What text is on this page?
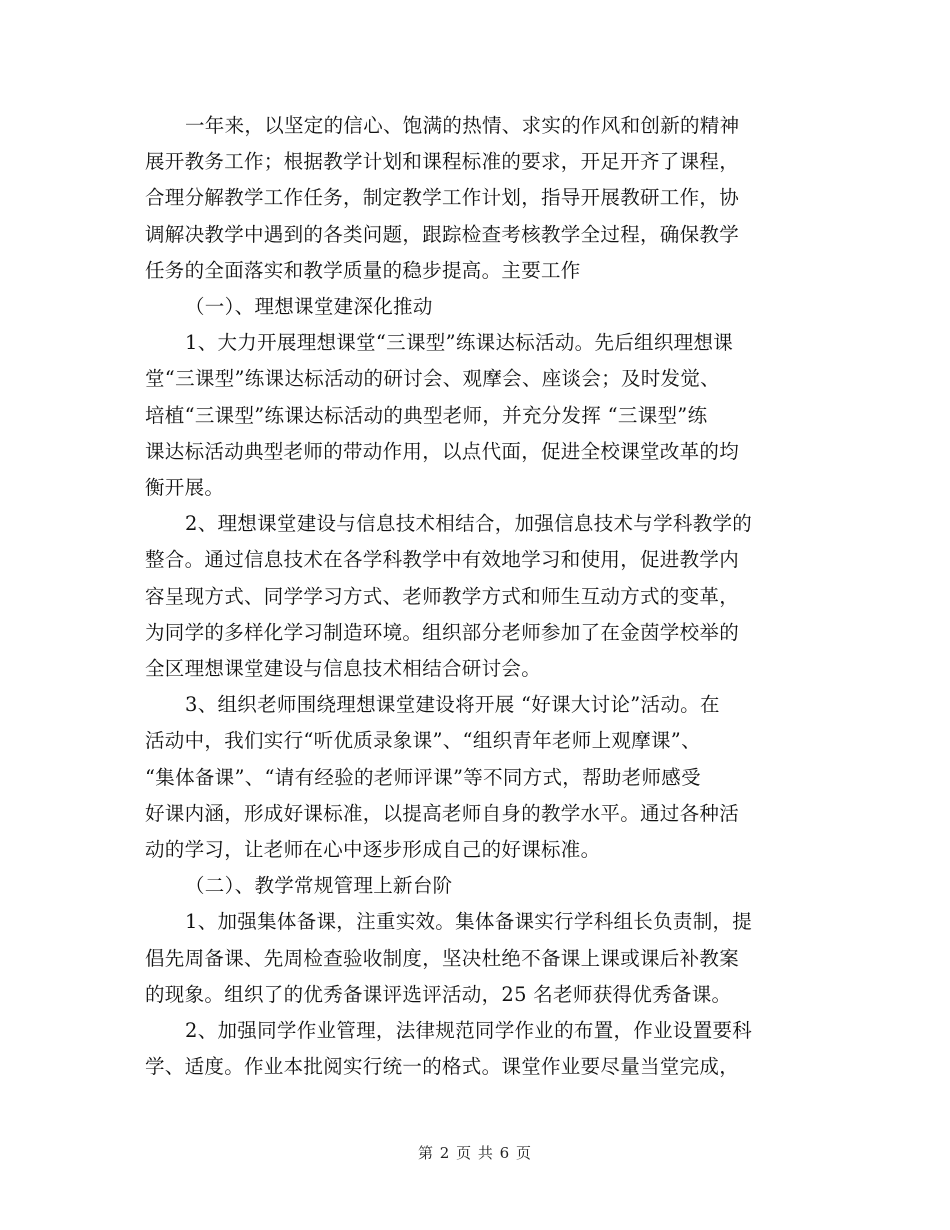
一年来，以坚定的信心、饱满的热情、求实的作风和创新的精神
展开教务工作；根据教学计划和课程标准的要求，开足开齐了课程，
合理分解教学工作任务，制定教学工作计划，指导开展教研工作，协
调解决教学中遇到的各类问题，跟踪检查考核教学全过程，确保教学
任务的全面落实和教学质量的稳步提高。主要工作
（一）、理想课堂建深化推动
1、大力开展理想课堂“三课型”练课达标活动。先后组织理想课
堂“三课型”练课达标活动的研讨会、观摩会、座谈会；及时发觉、
培植“三课型”练课达标活动的典型老师，并充分发挥 “三课型”练
课达标活动典型老师的带动作用，以点代面，促进全校课堂改革的均
衡开展。
2、理想课堂建设与信息技术相结合，加强信息技术与学科教学的
整合。通过信息技术在各学科教学中有效地学习和使用，促进教学内
容呈现方式、同学学习方式、老师教学方式和师生互动方式的变革，
为同学的多样化学习制造环境。组织部分老师参加了在金茵学校举的
全区理想课堂建设与信息技术相结合研讨会。
3、组织老师围绕理想课堂建设将开展 “好课大讨论”活动。在
活动中，我们实行“听优质录象课”、“组织青年老师上观摩课”、
“集体备课”、“请有经验的老师评课”等不同方式，帮助老师感受
好课内涵，形成好课标准，以提高老师自身的教学水平。通过各种活
动的学习，让老师在心中逐步形成自己的好课标准。
（二）、教学常规管理上新台阶
1、加强集体备课，注重实效。集体备课实行学科组长负责制，提
倡先周备课、先周检查验收制度，坚决杜绝不备课上课或课后补教案
的现象。组织了的优秀备课评选评活动，25 名老师获得优秀备课。
2、加强同学作业管理，法律规范同学作业的布置，作业设置要科
学、适度。作业本批阅实行统一的格式。课堂作业要尽量当堂完成，
第 2 页 共 6 页
